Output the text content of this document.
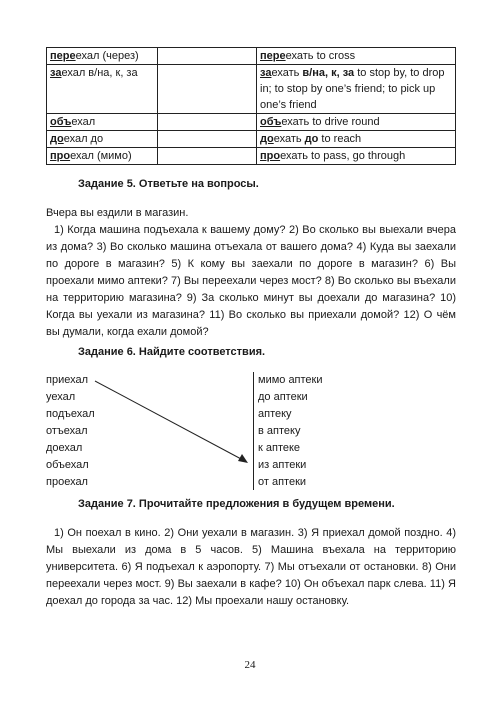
переехал (через)		переехать to cross
заехал в/на, к, за		заехать в/на, к, за to stop by, to drop in; to stop by one’s friend; to pick up one’s friend
объехал		объехать to drive round
доехал до		доехать до to reach
проехал (мимо)		проехать to pass, go through
Задание 5. Ответьте на вопросы.
Вчера вы ездили в магазин.
1) Когда машина подъехала к вашему дому? 2) Во сколько вы выехали вчера из дома? 3) Во сколько машина отъехала от вашего дома? 4) Куда вы заехали по дороге в магазин? 5) К кому вы заехали по дороге в магазин? 6) Вы проехали мимо аптеки? 7) Вы переехали через мост? 8) Во сколько вы въехали на территорию магазина? 9) За сколько минут вы доехали до магазина? 10) Когда вы уехали из магазина? 11) Во сколько вы приехали домой? 12) О чём вы думали, когда ехали домой?
Задание 6. Найдите соответствия.
приехал
уехал
подъехал
отъехал
доехал
объехал
проехал
мимо аптеки
до аптеки
аптеку
в аптеку
к аптеке
из аптеки
от аптеки
Задание 7. Прочитайте предложения в будущем времени.
1) Он поехал в кино. 2) Они уехали в магазин. 3) Я приехал домой поздно. 4) Мы выехали из дома в 5 часов. 5) Машина въехала на территорию университета. 6) Я подъехал к аэропорту. 7) Мы отъехали от остановки. 8) Они переехали через мост. 9) Вы заехали в кафе? 10) Он объехал парк слева. 11) Я доехал до города за час. 12) Мы проехали нашу остановку.
24
